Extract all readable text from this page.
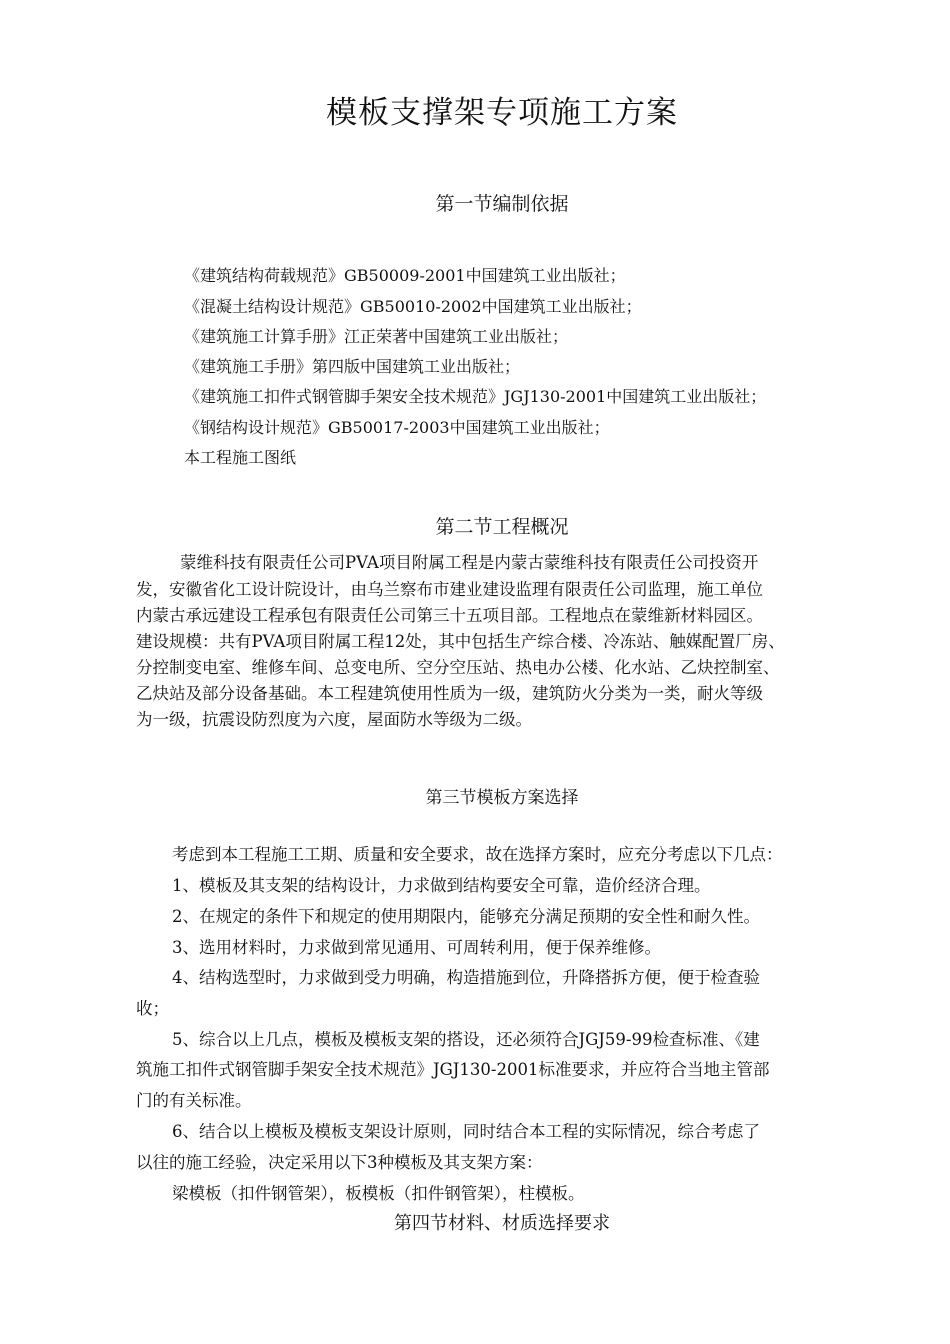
模板支撑架专项施工方案
第一节编制依据

《建筑结构荷载规范》GB50009-2001中国建筑工业出版社；

《混凝土结构设计规范》GB50010-2002中国建筑工业出版社；

《建筑施工计算手册》江正荣著中国建筑工业出版社；

《建筑施工手册》第四版中国建筑工业出版社；

《建筑施工扣件式钢管脚手架安全技术规范》JGJ130-2001中国建筑工业出版社；

《钢结构设计规范》GB50017-2003中国建筑工业出版社；

本工程施工图纸

第二节工程概况

蒙维科技有限责任公司PVA项目附属工程是内蒙古蒙维科技有限责任公司投资开

发，安徽省化工设计院设计，由乌兰察布市建业建设监理有限责任公司监理，施工单位

内蒙古承远建设工程承包有限责任公司第三十五项目部。工程地点在蒙维新材料园区。

建设规模：共有PVA项目附属工程12处，其中包括生产综合楼、冷冻站、触媒配置厂房、

分控制变电室、维修车间、总变电所、空分空压站、热电办公楼、化水站、乙炔控制室、

乙炔站及部分设备基础。本工程建筑使用性质为一级，建筑防火分类为一类，耐火等级

为一级，抗震设防烈度为六度，屋面防水等级为二级。

第三节模板方案选择

考虑到本工程施工工期、质量和安全要求，故在选择方案时，应充分考虑以下几点：

1、模板及其支架的结构设计，力求做到结构要安全可靠，造价经济合理。

2、在规定的条件下和规定的使用期限内，能够充分满足预期的安全性和耐久性。

3、选用材料时，力求做到常见通用、可周转利用，便于保养维修。

4、结构选型时，力求做到受力明确，构造措施到位，升降搭拆方便，便于检查验

收；

5、综合以上几点，模板及模板支架的搭设，还必须符合JGJ59-99检查标准、《建

筑施工扣件式钢管脚手架安全技术规范》JGJ130-2001标准要求，并应符合当地主管部

门的有关标准。

6、结合以上模板及模板支架设计原则，同时结合本工程的实际情况，综合考虑了

以往的施工经验，决定采用以下3种模板及其支架方案：

梁模板（扣件钢管架），板模板（扣件钢管架），柱模板。

第四节材料、材质选择要求
